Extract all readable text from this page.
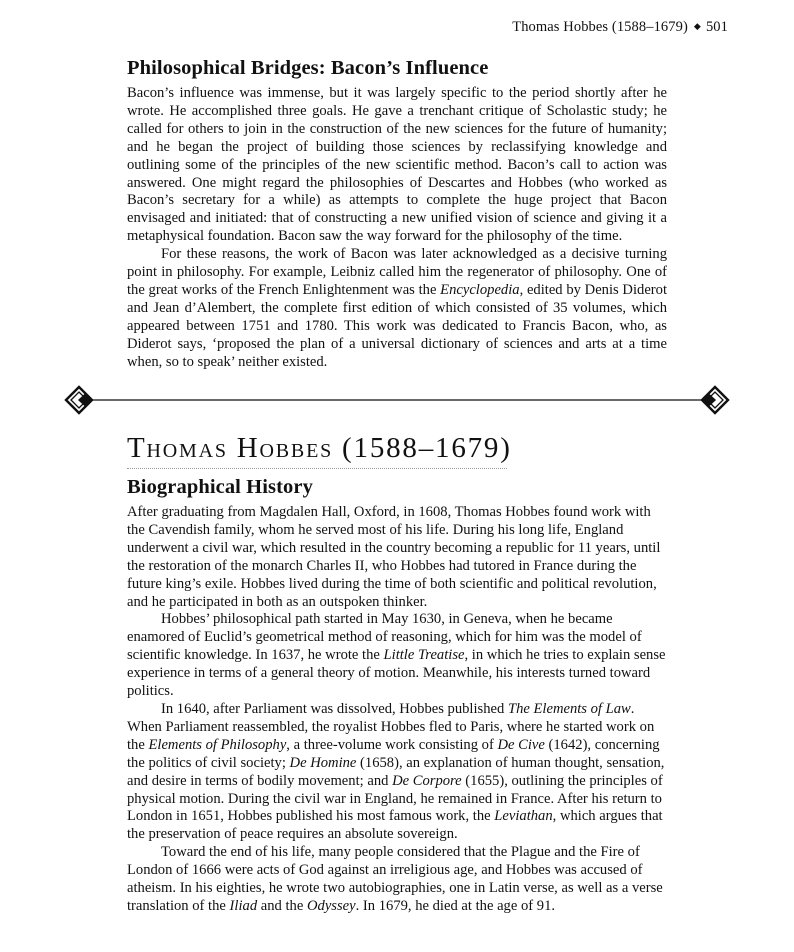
Thomas Hobbes (1588–1679) ◆ 501
Philosophical Bridges: Bacon’s Influence

Bacon’s influence was immense, but it was largely specific to the period shortly after he wrote. He accomplished three goals. He gave a trenchant critique of Scholastic study; he called for others to join in the construction of the new sciences for the future of humanity; and he began the project of building those sciences by reclassifying knowledge and outlining some of the principles of the new scientific method. Bacon’s call to action was answered. One might regard the philosophies of Descartes and Hobbes (who worked as Bacon’s secretary for a while) as attempts to complete the huge project that Bacon envisaged and initiated: that of constructing a new unified vision of science and giving it a metaphysical foundation. Bacon saw the way forward for the philosophy of the time.

For these reasons, the work of Bacon was later acknowledged as a decisive turning point in philosophy. For example, Leibniz called him the regenerator of philosophy. One of the great works of the French Enlightenment was the Encyclopedia, edited by Denis Diderot and Jean d’Alembert, the complete first edition of which consisted of 35 volumes, which appeared between 1751 and 1780. This work was dedicated to Francis Bacon, who, as Diderot says, ‘proposed the plan of a universal dictionary of sciences and arts at a time when, so to speak’ neither existed.

Thomas Hobbes (1588–1679)
Biographical History

After graduating from Magdalen Hall, Oxford, in 1608, Thomas Hobbes found work with the Cavendish family, whom he served most of his life. During his long life, England underwent a civil war, which resulted in the country becoming a republic for 11 years, until the restoration of the monarch Charles II, who Hobbes had tutored in France during the future king’s exile. Hobbes lived during the time of both scientific and political revolution, and he participated in both as an outspoken thinker.

Hobbes’ philosophical path started in May 1630, in Geneva, when he became enamored of Euclid’s geometrical method of reasoning, which for him was the model of scientific knowledge. In 1637, he wrote the Little Treatise, in which he tries to explain sense experience in terms of a general theory of motion. Meanwhile, his interests turned toward politics.

In 1640, after Parliament was dissolved, Hobbes published The Elements of Law. When Parliament reassembled, the royalist Hobbes fled to Paris, where he started work on the Elements of Philosophy, a three-volume work consisting of De Cive (1642), concerning the politics of civil society; De Homine (1658), an explanation of human thought, sensation, and desire in terms of bodily movement; and De Corpore (1655), outlining the principles of physical motion. During the civil war in England, he remained in France. After his return to London in 1651, Hobbes published his most famous work, the Leviathan, which argues that the preservation of peace requires an absolute sovereign.

Toward the end of his life, many people considered that the Plague and the Fire of London of 1666 were acts of God against an irreligious age, and Hobbes was accused of atheism. In his eighties, he wrote two autobiographies, one in Latin verse, as well as a verse translation of the Iliad and the Odyssey. In 1679, he died at the age of 91.
